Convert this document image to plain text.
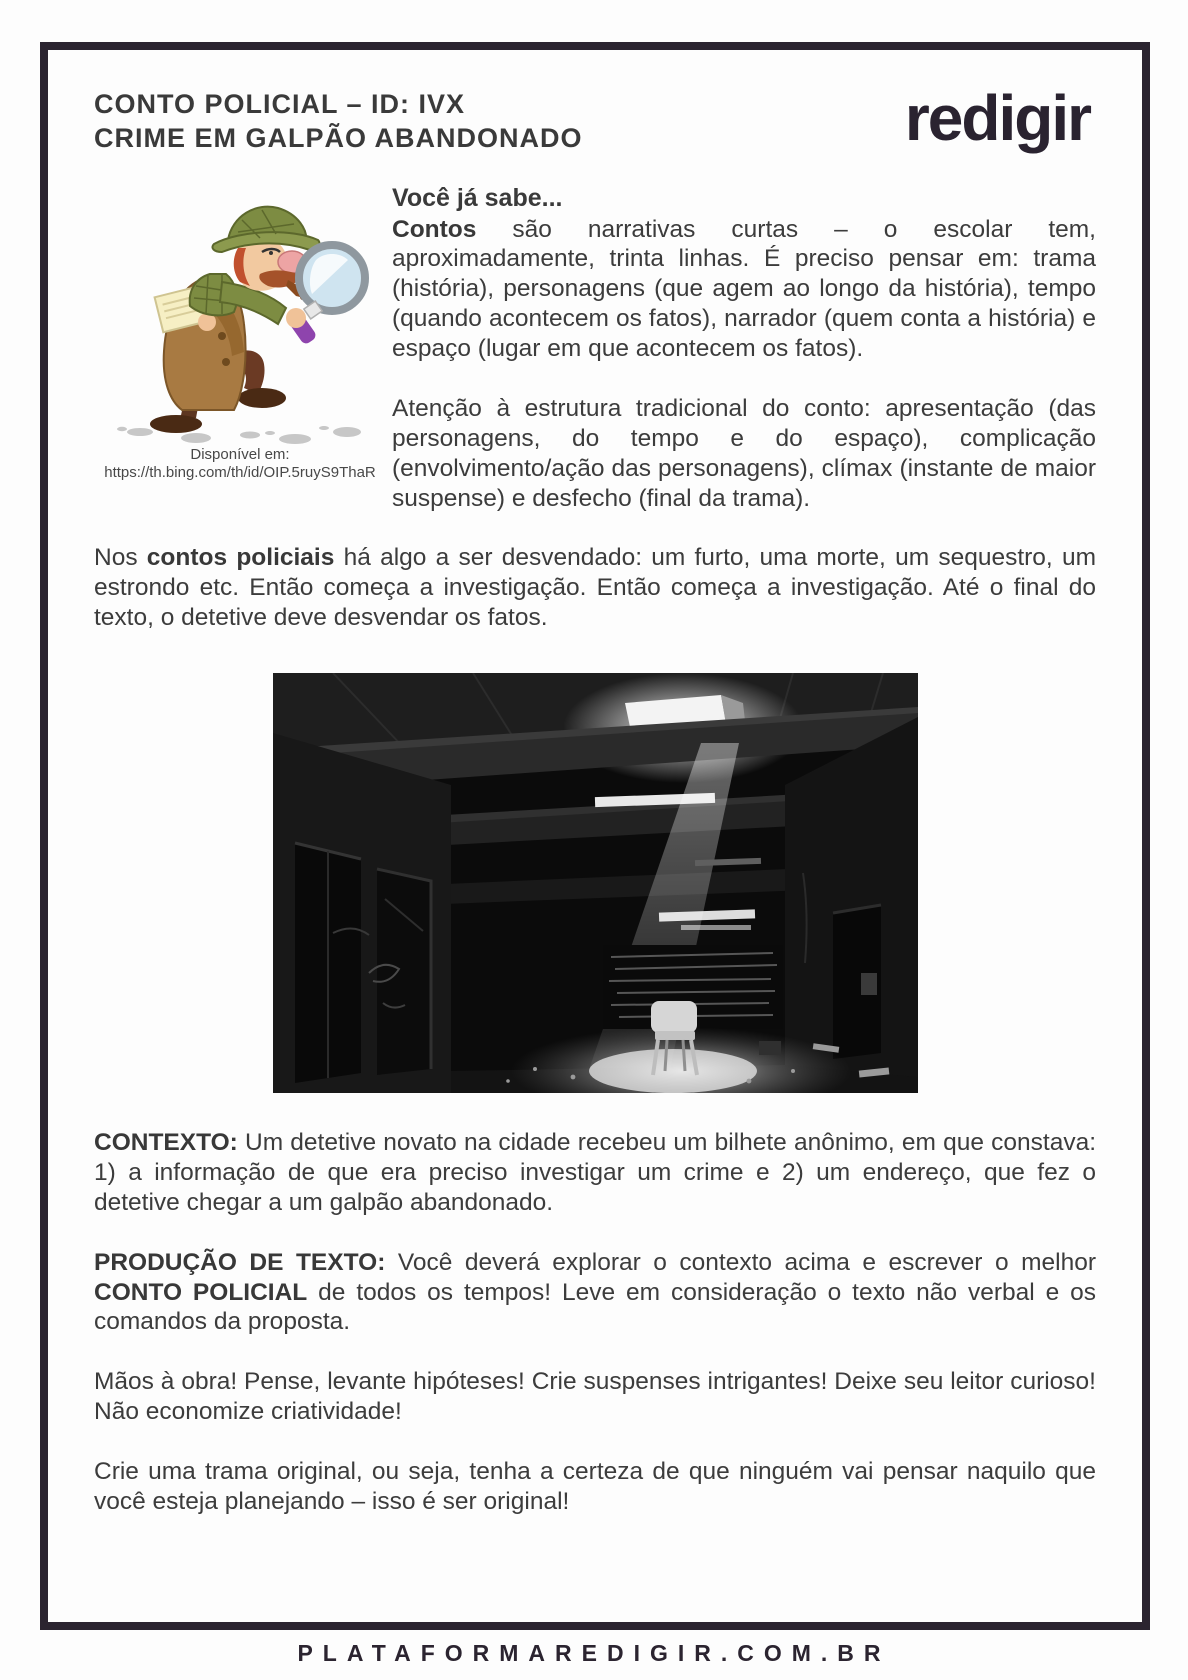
CONTO POLICIAL – ID: IVX
CRIME EM GALPÃO ABANDONADO	redigir
Disponível em:
https://th.bing.com/th/id/OIP.5ruyS9ThaR
Você já sabe...

Contos são narrativas curtas – o escolar tem, aproximadamente, trinta linhas. É preciso pensar em: trama (história), personagens (que agem ao longo da história), tempo (quando acontecem os fatos), narrador (quem conta a história) e espaço (lugar em que acontecem os fatos).

Atenção à estrutura tradicional do conto: apresentação (das personagens, do tempo e do espaço), complicação (envolvimento/ação das personagens), clímax (instante de maior suspense) e desfecho (final da trama).

Nos contos policiais há algo a ser desvendado: um furto, uma morte, um sequestro, um estrondo etc. Então começa a investigação. Então começa a investigação. Até o final do texto, o detetive deve desvendar os fatos.

CONTEXTO: Um detetive novato na cidade recebeu um bilhete anônimo, em que constava: 1) a informação de que era preciso investigar um crime e 2) um endereço, que fez o detetive chegar a um galpão abandonado.

PRODUÇÃO DE TEXTO: Você deverá explorar o contexto acima e escrever o melhor CONTO POLICIAL de todos os tempos! Leve em consideração o texto não verbal e os comandos da proposta.

Mãos à obra! Pense, levante hipóteses! Crie suspenses intrigantes! Deixe seu leitor curioso! Não economize criatividade!

Crie uma trama original, ou seja, tenha a certeza de que ninguém vai pensar naquilo que você esteja planejando – isso é ser original!

PLATAFORMAREDIGIR.COM.BR
